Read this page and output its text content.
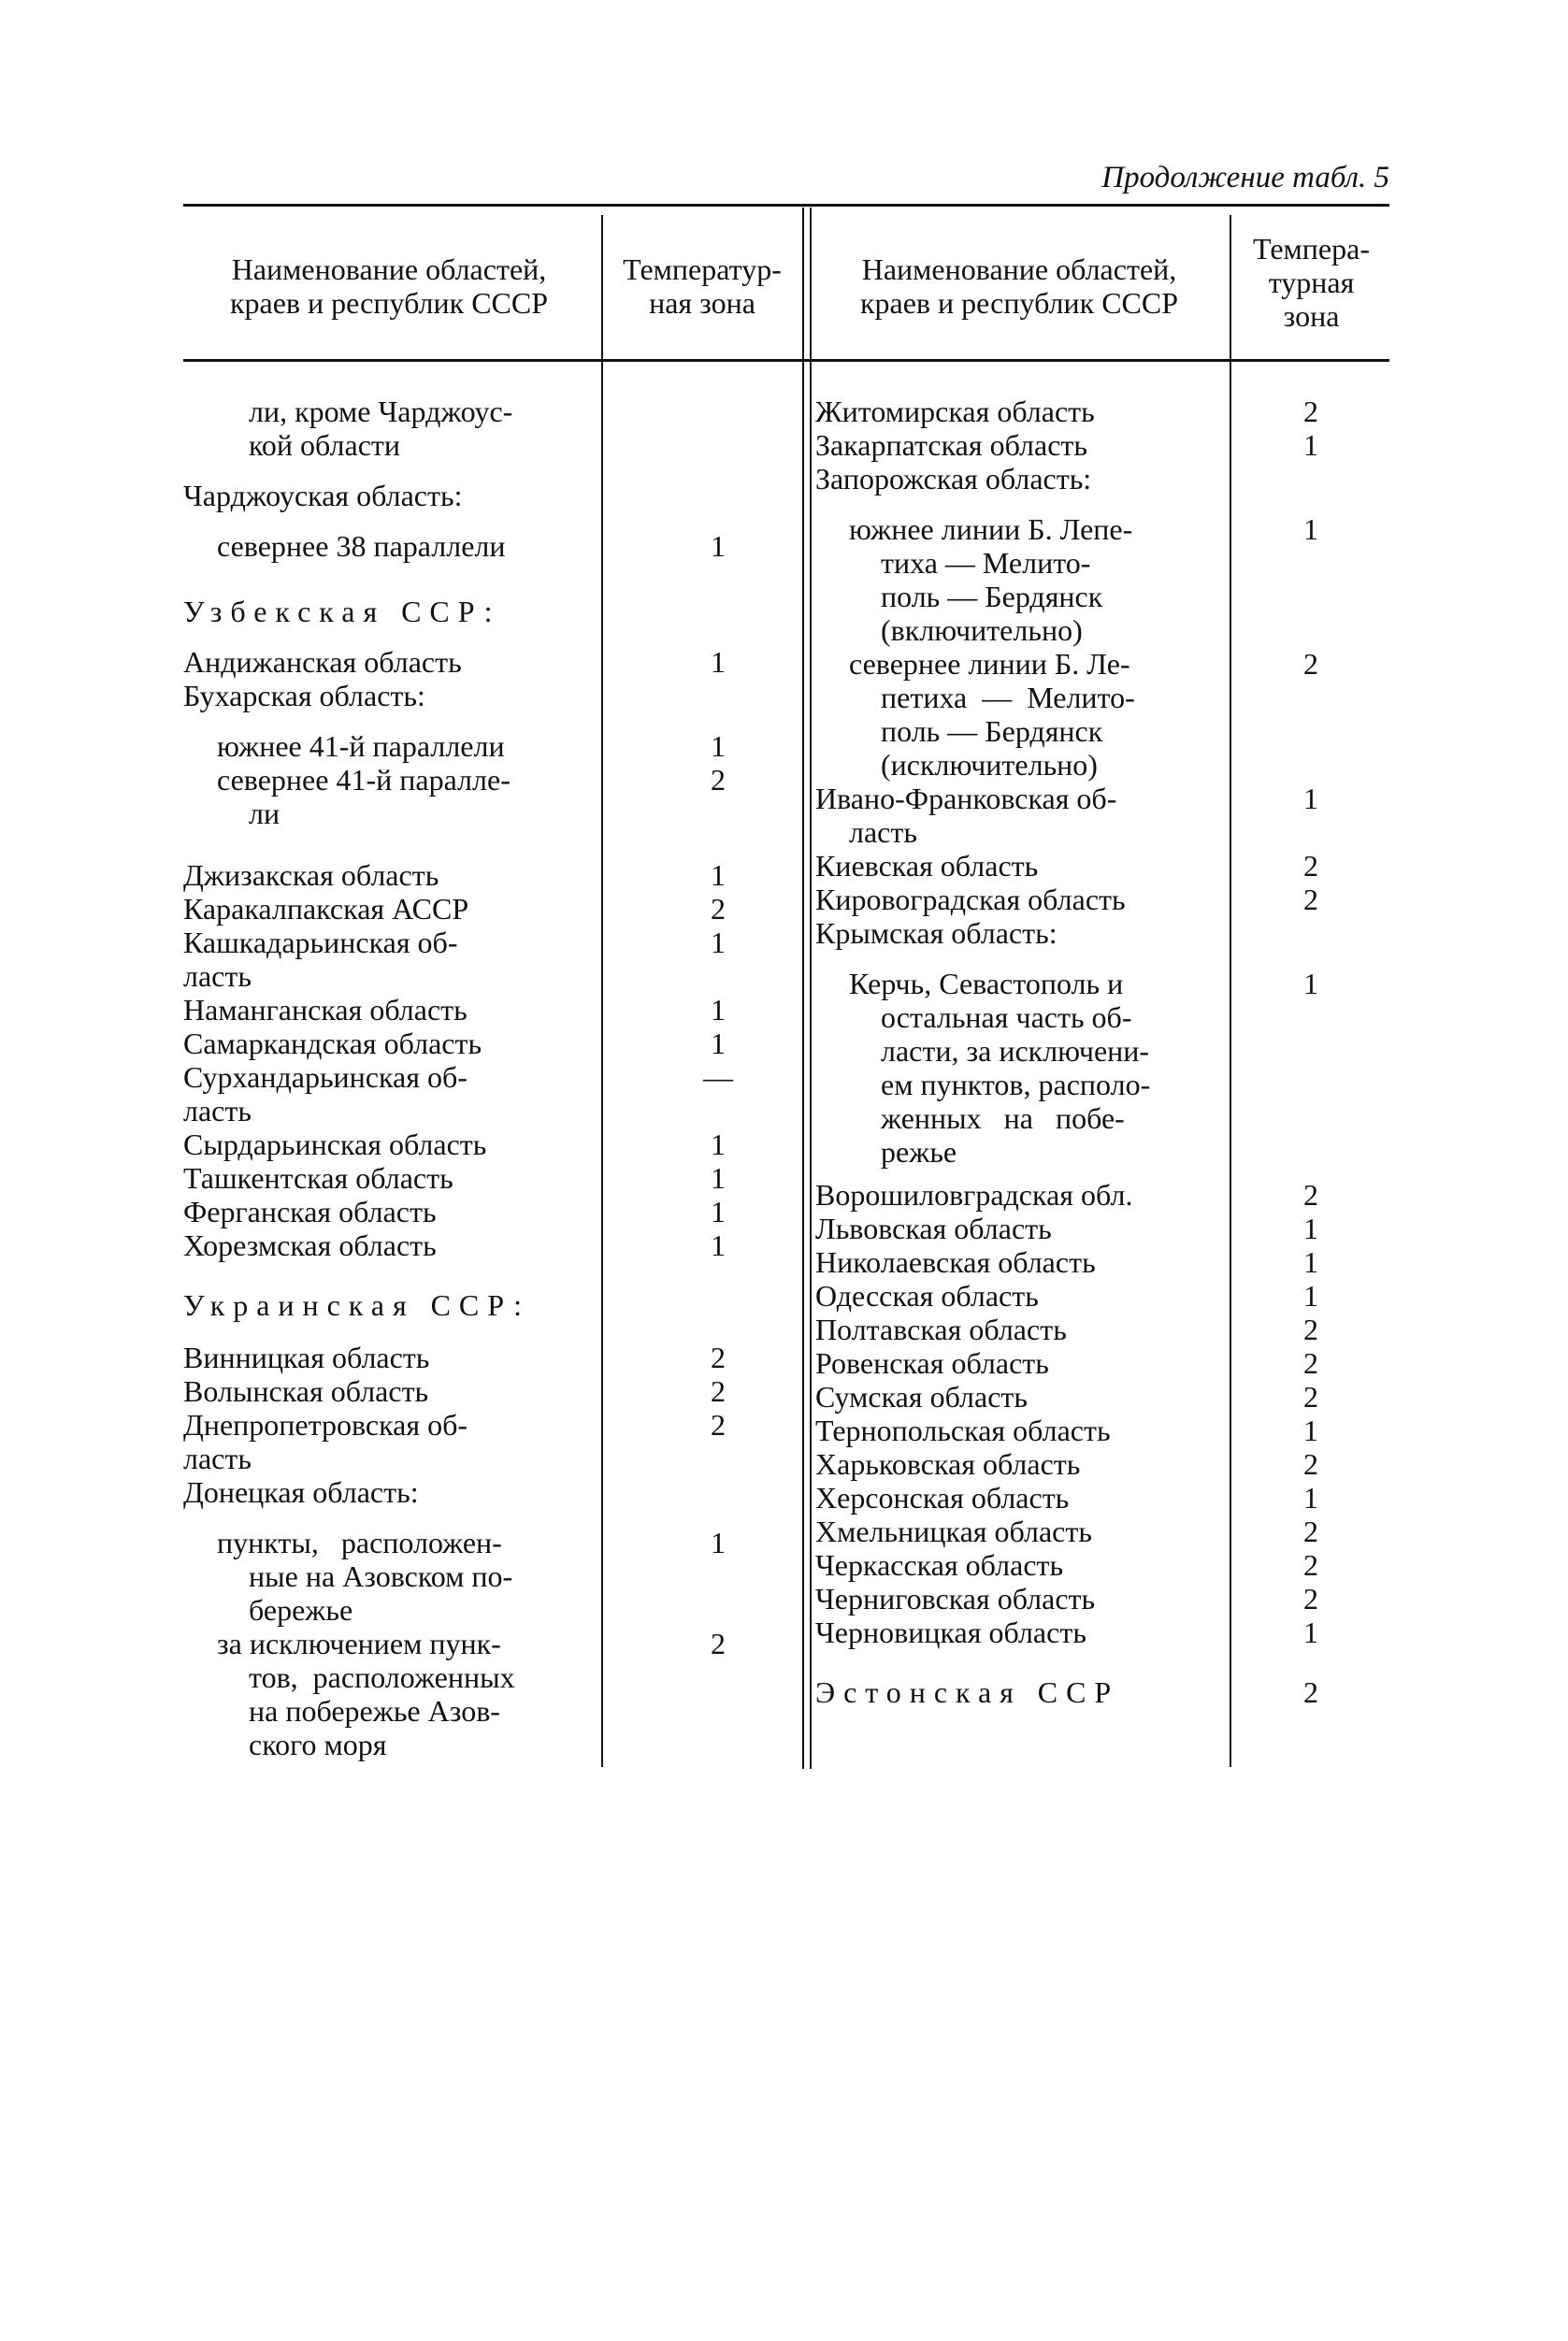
Продолжение табл. 5
Наименование областей,
краев и республик СССР
Температур-
ная зона
Наименование областей,
краев и республик СССР
Темпера-
турная
зона
ли, кроме Чарджоус-
кой области
Чарджоуская область:
севернее 38 параллели
Узбекская ССР:
Андижанская область
Бухарская область:
южнее 41-й параллели
севернее 41-й паралле-
ли
Джизакская область
Каракалпакская АССР
Кашкадарьинская об-
ласть
Наманганская область
Самаркандская область
Сурхандарьинская об-
ласть
Сырдарьинская область
Ташкентская область
Ферганская область
Хорезмская область
Украинская ССР:
Винницкая область
Волынская область
Днепропетровская об-
ласть
Донецкая область:
пункты,   расположен-
ные на Азовском по-
бережье
за исключением пунк-
тов,  расположенных
на побережье Азов-
ского моря
1
1
1
2
1
2
1
1
1
—
1
1
1
1
2
2
2
1
2
Житомирская область
Закарпатская область
Запорожская область:
южнее линии Б. Лепе-
тиха — Мелито-
поль — Бердянск
(включительно)
севернее линии Б. Ле-
петиха  —  Мелито-
поль — Бердянск
(исключительно)
Ивано-Франковская об-
ласть
Киевская область
Кировоградская область
Крымская область:
Керчь, Севастополь и
остальная часть об-
ласти, за исключени-
ем пунктов, располо-
женных   на   побе-
режье
Ворошиловградская обл.
Львовская область
Николаевская область
Одесская область
Полтавская область
Ровенская область
Сумская область
Тернопольская область
Харьковская область
Херсонская область
Хмельницкая область
Черкасская область
Черниговская область
Черновицкая область
Эстонская ССР
2
1
1
2
1
2
2
1
2
1
1
1
2
2
2
1
2
1
2
2
2
1
2
